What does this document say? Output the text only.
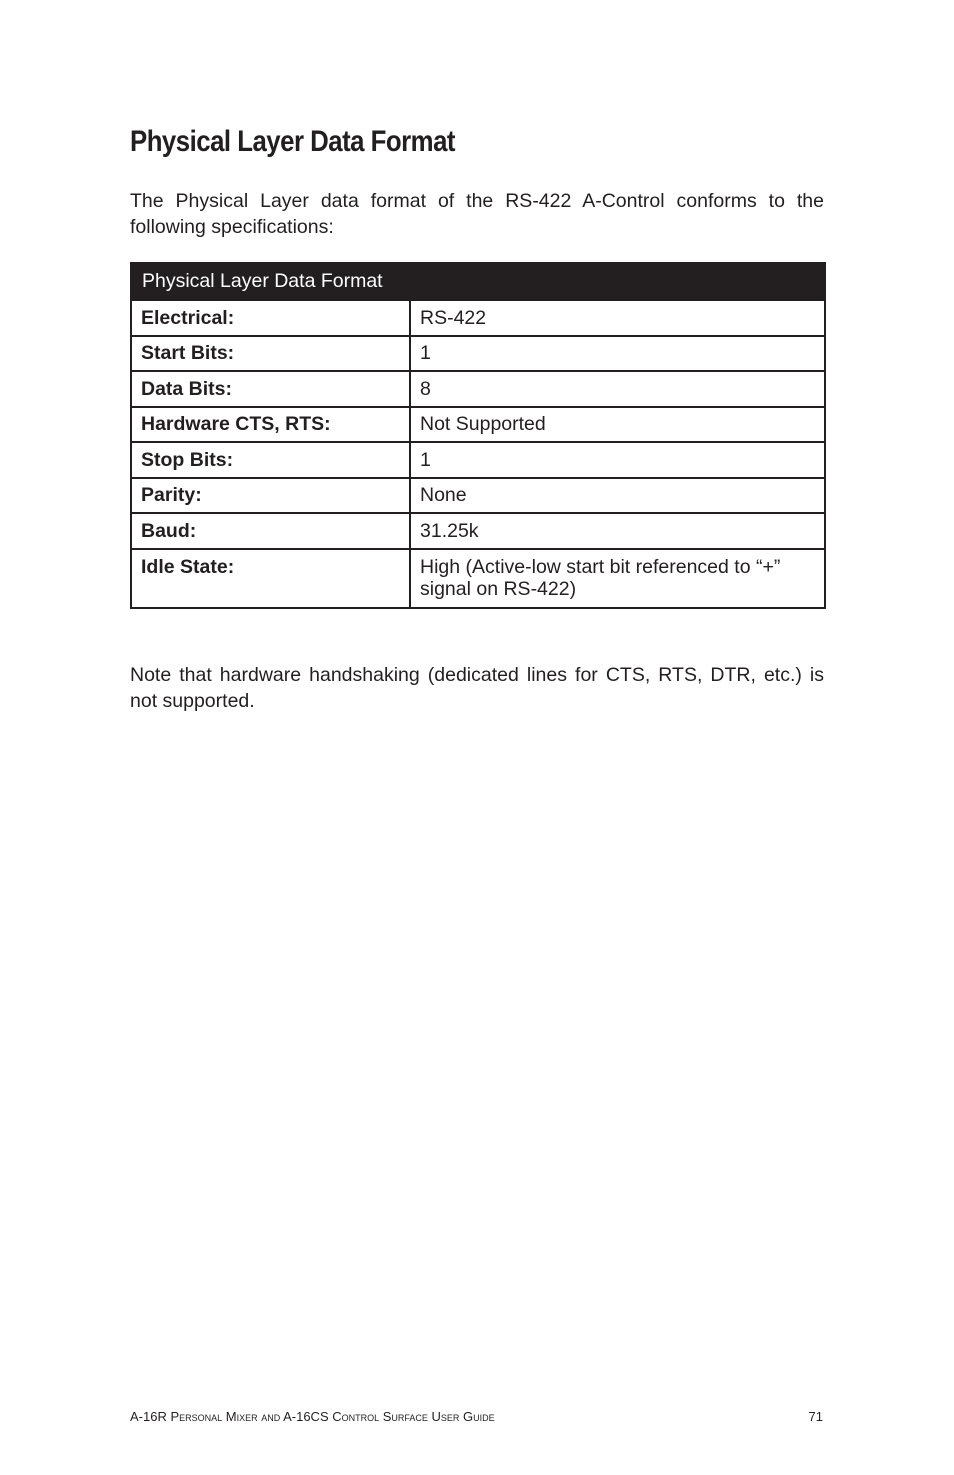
Physical Layer Data Format

The Physical Layer data format of the RS-422 A-Control conforms to the following specifications:

Physical Layer Data Format	
Electrical:	RS-422
Start Bits:	1
Data Bits:	8
Hardware CTS, RTS:	Not Supported
Stop Bits:	1
Parity:	None
Baud:	31.25k
Idle State:	High (Active-low start bit referenced to “+” signal on RS-422)

Note that hardware handshaking (dedicated lines for CTS, RTS, DTR, etc.) is not supported.

A-16R Personal Mixer and A-16CS Control Surface User Guide	71
